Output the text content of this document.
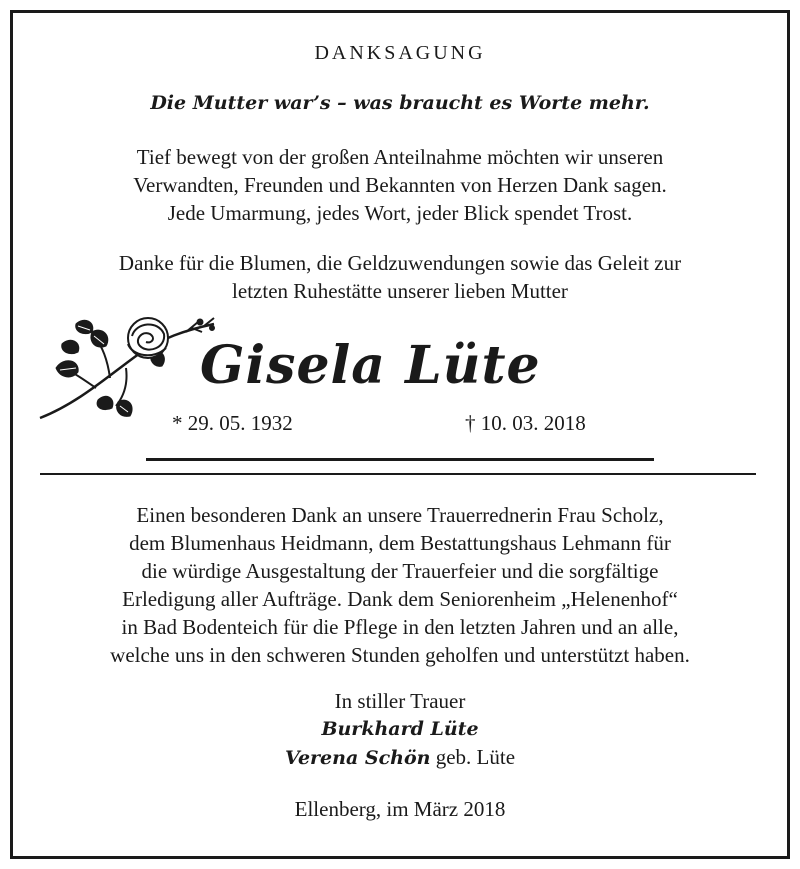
DANKSAGUNG
Die Mutter war’s – was braucht es Worte mehr.
Tief bewegt von der großen Anteilnahme möchten wir unseren
Verwandten, Freunden und Bekannten von Herzen Dank sagen.
Jede Umarmung, jedes Wort, jeder Blick spendet Trost.
Danke für die Blumen, die Geldzuwendungen sowie das Geleit zur
letzten Ruhestätte unserer lieben Mutter
Gisela Lüte
* 29. 05. 1932	† 10. 03. 2018
Einen besonderen Dank an unsere Trauerrednerin Frau Scholz,
dem Blumenhaus Heidmann, dem Bestattungshaus Lehmann für
die würdige Ausgestaltung der Trauerfeier und die sorgfältige
Erledigung aller Aufträge. Dank dem Seniorenheim „Helenenhof“
in Bad Bodenteich für die Pflege in den letzten Jahren und an alle,
welche uns in den schweren Stunden geholfen und unterstützt haben.
In stiller Trauer
Burkhard Lüte
Verena Schön geb. Lüte
Ellenberg, im März 2018
